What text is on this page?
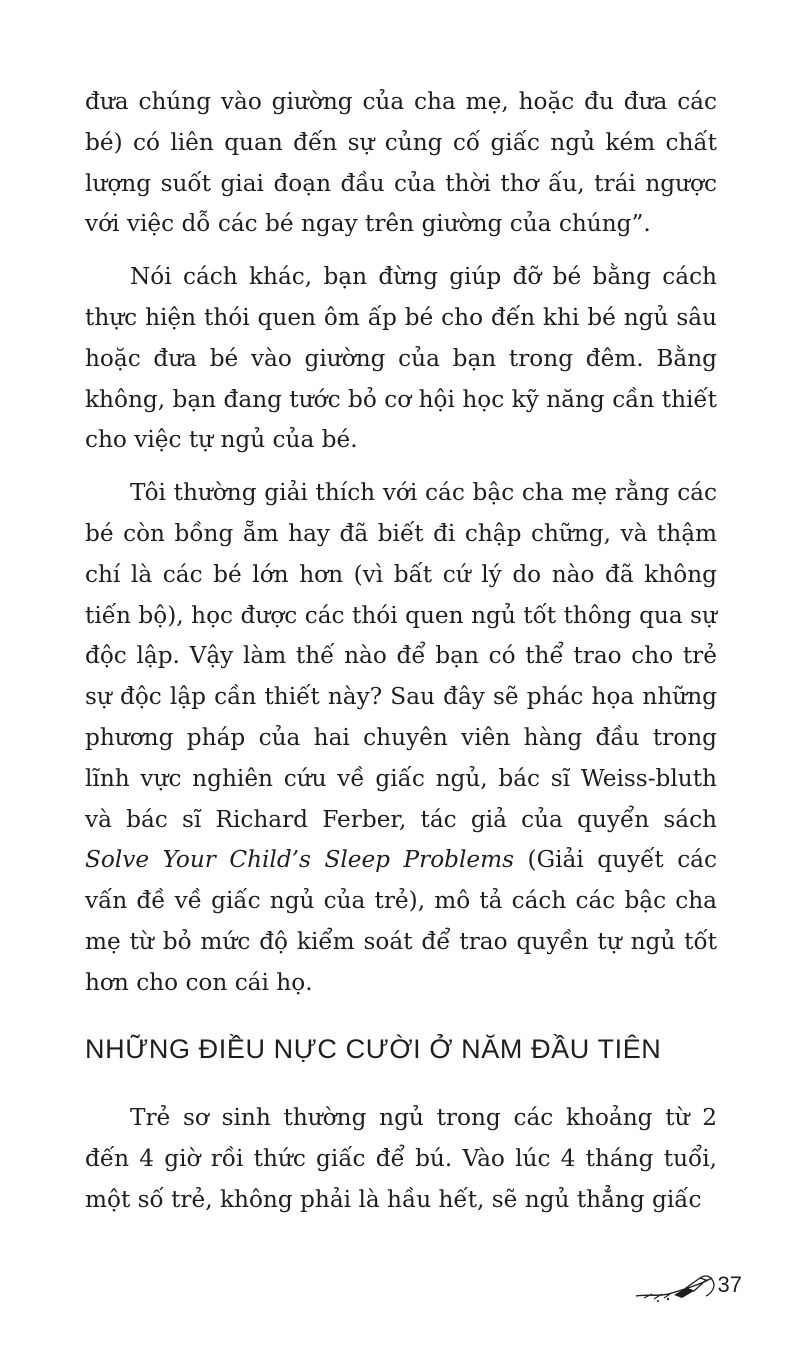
đưa chúng vào giường của cha mẹ, hoặc đu đưa các bé) có liên quan đến sự củng cố giấc ngủ kém chất lượng suốt giai đoạn đầu của thời thơ ấu, trái ngược với việc dỗ các bé ngay trên giường của chúng”.

Nói cách khác, bạn đừng giúp đỡ bé bằng cách thực hiện thói quen ôm ấp bé cho đến khi bé ngủ sâu hoặc đưa bé vào giường của bạn trong đêm. Bằng không, bạn đang tước bỏ cơ hội học kỹ năng cần thiết cho việc tự ngủ của bé.

Tôi thường giải thích với các bậc cha mẹ rằng các bé còn bồng ẵm hay đã biết đi chập chững, và thậm chí là các bé lớn hơn (vì bất cứ lý do nào đã không tiến bộ), học được các thói quen ngủ tốt thông qua sự độc lập. Vậy làm thế nào để bạn có thể trao cho trẻ sự độc lập cần thiết này? Sau đây sẽ phác họa những phương pháp của hai chuyên viên hàng đầu trong lĩnh vực nghiên cứu về giấc ngủ, bác sĩ Weiss-bluth và bác sĩ Richard Ferber, tác giả của quyển sách Solve Your Child’s Sleep Problems (Giải quyết các vấn đề về giấc ngủ của trẻ), mô tả cách các bậc cha mẹ từ bỏ mức độ kiểm soát để trao quyền tự ngủ tốt hơn cho con cái họ.

NHỮNG ĐIỀU NỰC CƯỜI Ở NĂM ĐẦU TIÊN

Trẻ sơ sinh thường ngủ trong các khoảng từ 2 đến 4 giờ rồi thức giấc để bú. Vào lúc 4 tháng tuổi, một số trẻ, không phải là hầu hết, sẽ ngủ thẳng giấc

37
